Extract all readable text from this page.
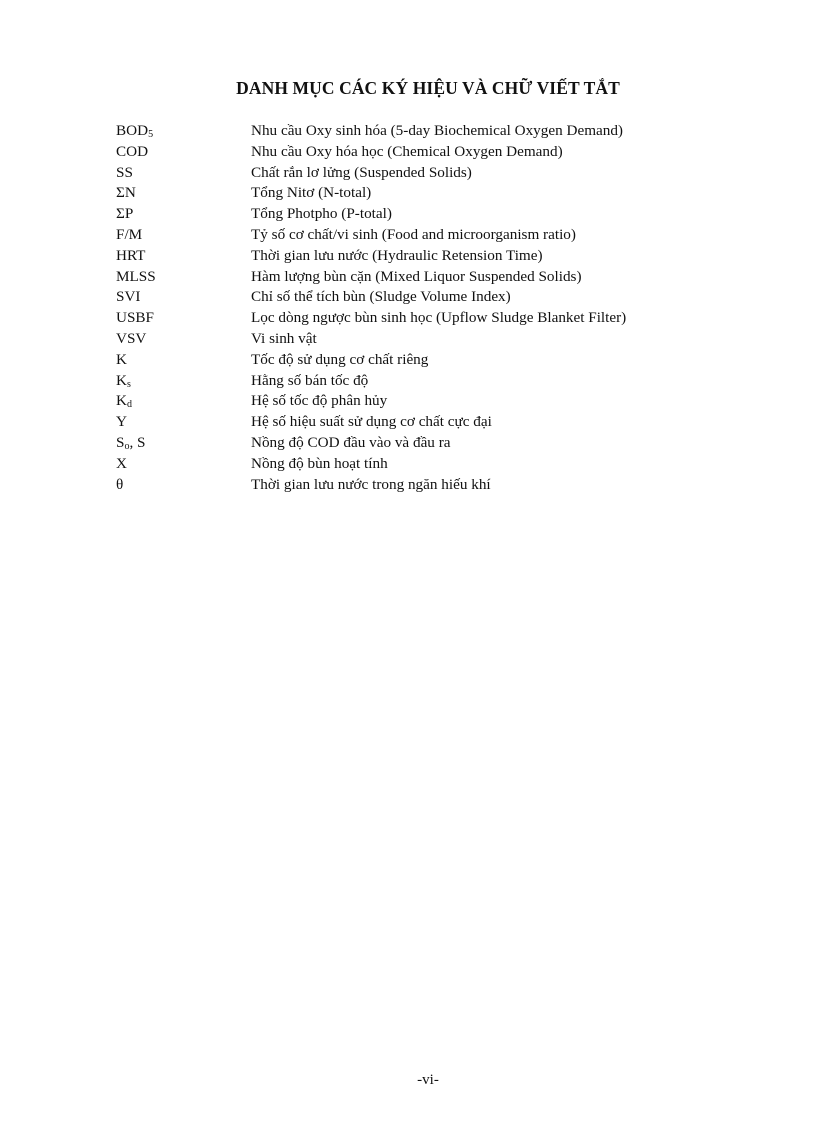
DANH MỤC CÁC KÝ HIỆU VÀ CHỮ VIẾT TẮT
$BOD_5$	Nhu cầu Oxy sinh hóa (5-day Biochemical Oxygen Demand)
COD	Nhu cầu Oxy hóa học (Chemical Oxygen Demand)
SS	Chất rắn lơ lửng (Suspended Solids)
ΣN	Tổng Nitơ (N-total)
ΣP	Tổng Photpho (P-total)
F/M	Tỷ số cơ chất/vi sinh (Food and microorganism ratio)
HRT	Thời gian lưu nước (Hydraulic Retension Time)
MLSS	Hàm lượng bùn cặn (Mixed Liquor Suspended Solids)
SVI	Chỉ số thể tích bùn (Sludge Volume Index)
USBF	Lọc dòng ngược bùn sinh học (Upflow Sludge Blanket Filter)
VSV	Vi sinh vật
K	Tốc độ sử dụng cơ chất riêng
$K_s$	Hằng số bán tốc độ
$K_d$	Hệ số tốc độ phân hủy
Y	Hệ số hiệu suất sử dụng cơ chất cực đại
$S_o$, S	Nồng độ COD đầu vào và đầu ra
X	Nồng độ bùn hoạt tính
θ	Thời gian lưu nước trong ngăn hiếu khí
-vi-
